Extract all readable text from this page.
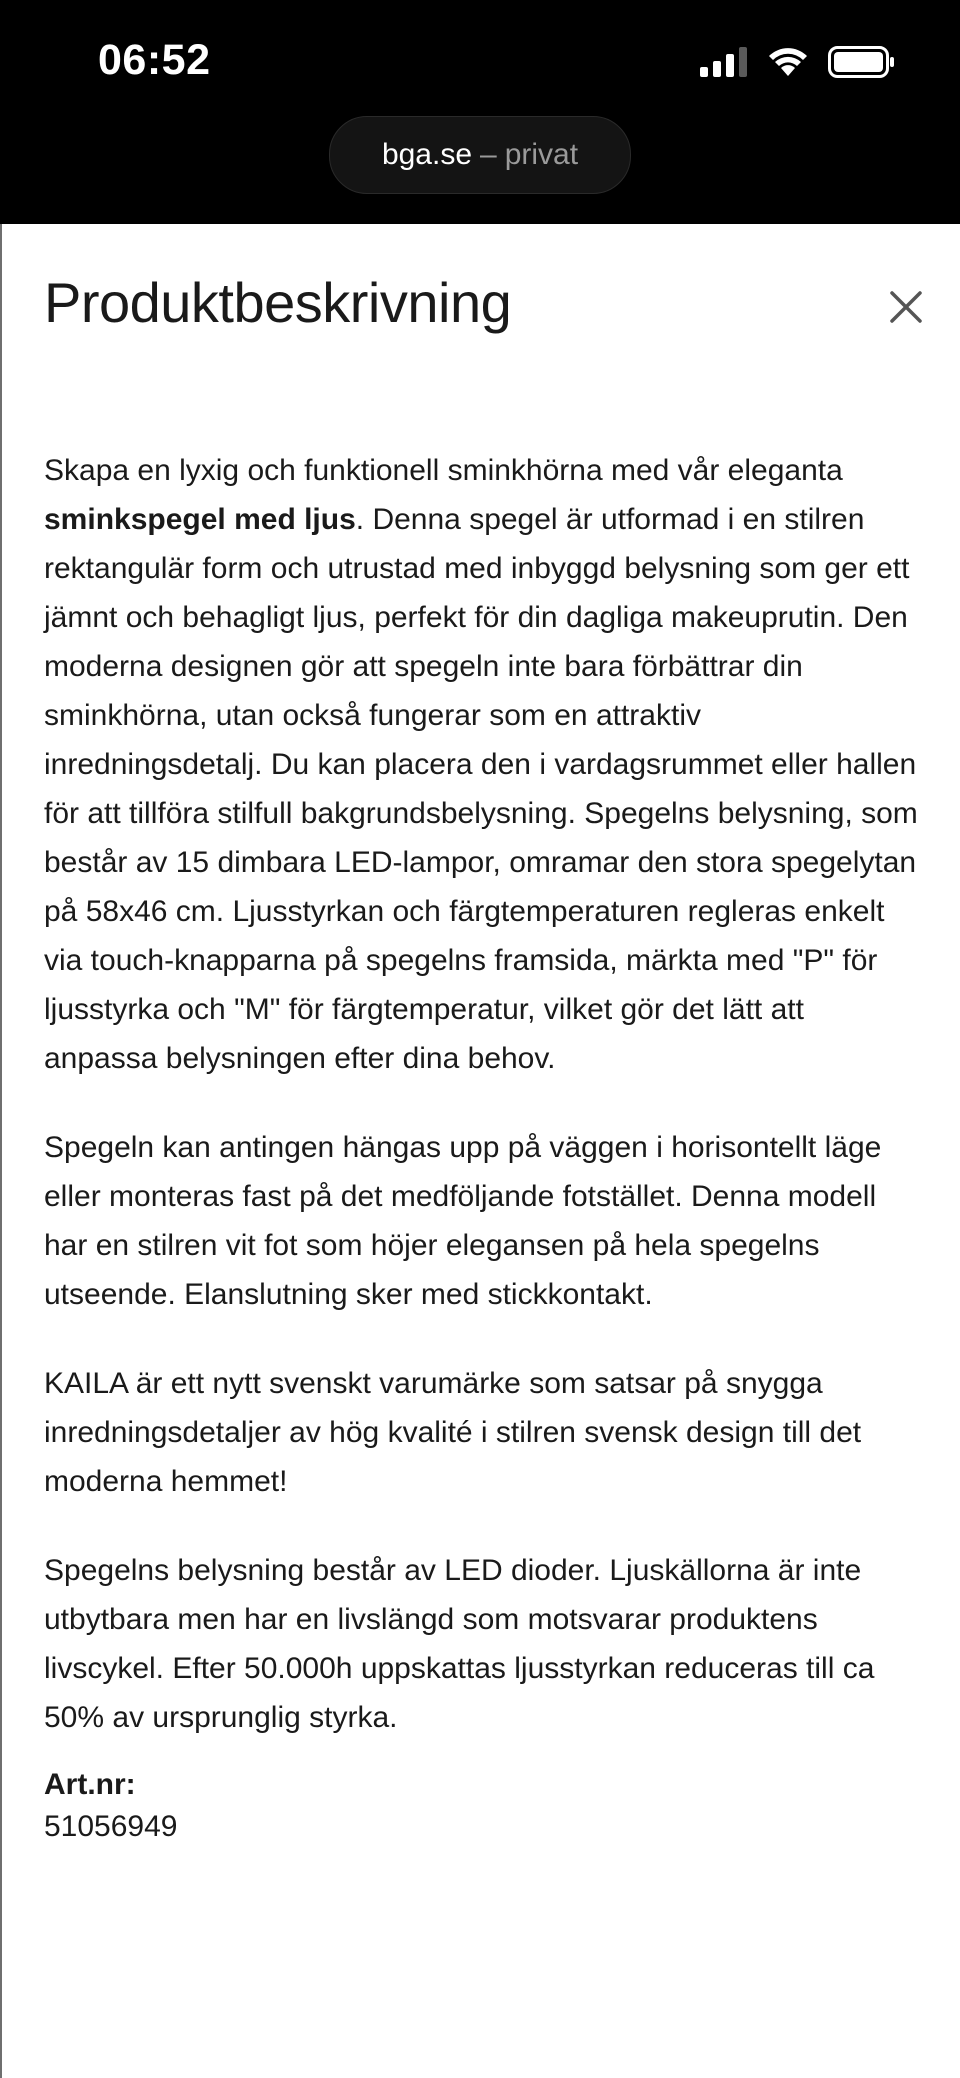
06:52
bga.se – privat
Produktbeskrivning

Skapa en lyxig och funktionell sminkhörna med vår eleganta sminkspegel med ljus. Denna spegel är utformad i en stilren rektangulär form och utrustad med inbyggd belysning som ger ett jämnt och behagligt ljus, perfekt för din dagliga makeuprutin. Den moderna designen gör att spegeln inte bara förbättrar din sminkhörna, utan också fungerar som en attraktiv inredningsdetalj. Du kan placera den i vardagsrummet eller hallen för att tillföra stilfull bakgrundsbelysning. Spegelns belysning, som består av 15 dimbara LED-lampor, omramar den stora spegelytan på 58x46 cm. Ljusstyrkan och färgtemperaturen regleras enkelt via touch-knapparna på spegelns framsida, märkta med "P" för ljusstyrka och "M" för färgtemperatur, vilket gör det lätt att anpassa belysningen efter dina behov.

Spegeln kan antingen hängas upp på väggen i horisontellt läge eller monteras fast på det medföljande fotstället. Denna modell har en stilren vit fot som höjer elegansen på hela spegelns utseende. Elanslutning sker med stickkontakt.

KAILA är ett nytt svenskt varumärke som satsar på snygga inredningsdetaljer av hög kvalité i stilren svensk design till det moderna hemmet!

Spegelns belysning består av LED dioder. Ljuskällorna är inte utbytbara men har en livslängd som motsvarar produktens livscykel. Efter 50.000h uppskattas ljusstyrkan reduceras till ca 50% av ursprunglig styrka.

Art.nr:
51056949
